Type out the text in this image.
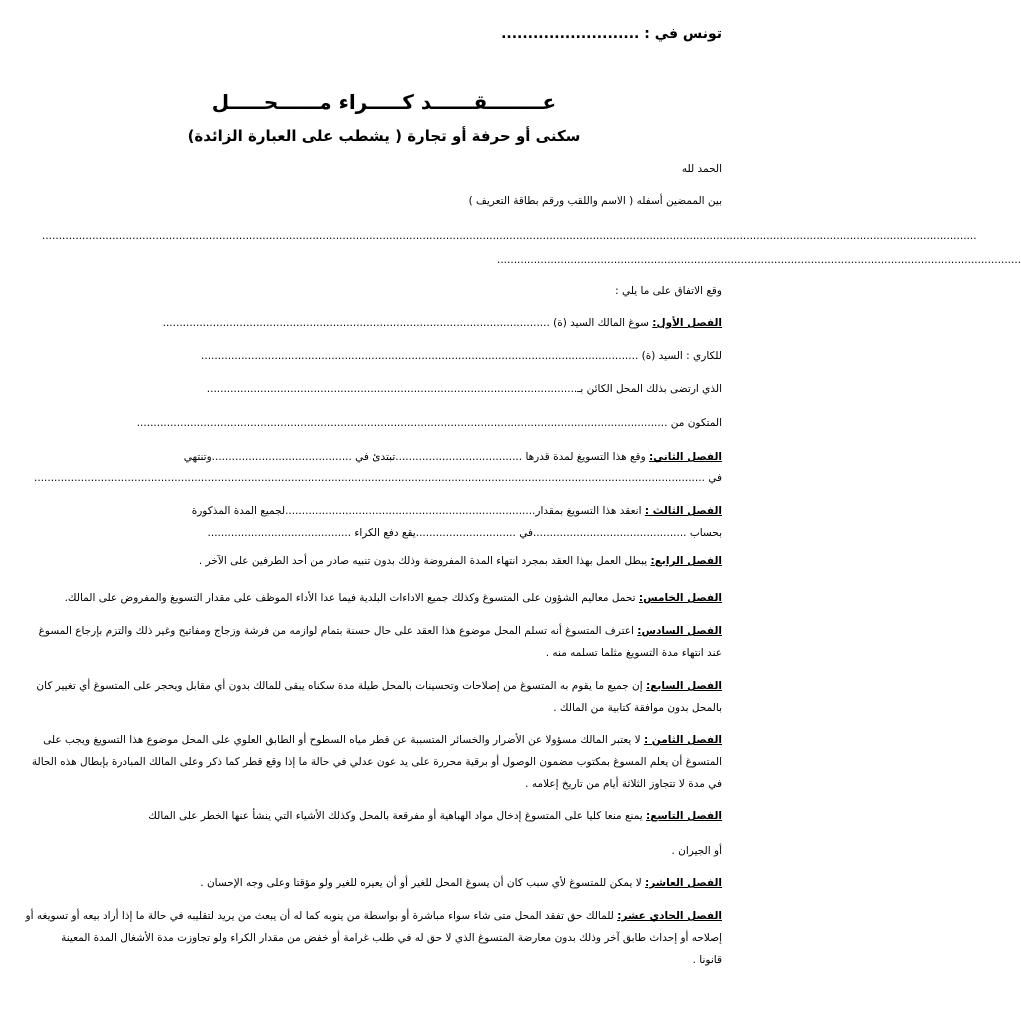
تونس في : ..........................
عــــــــقــــــد كـــــراء مــــــحـــــل
سكنى أو حرفة أو تجارة ( يشطب على العبارة الزائدة)
الحمد لله
بين الممضين أسفله ( الاسم واللقب ورقم بطاقة التعريف )
........................................................................................................................................................................................................................................................................................
.............................................................................................................................................................
وقع الاتفاق على ما يلي :
الفصل الأول: سوغ المالك السيد (ة) ....................................................................................................................
للكاري : السيد (ة) ...................................................................................................................................
الذي ارتضى بذلك المحل الكائن بـ...............................................................................................................
المتكون من ...............................................................................................................................................................
الفصل الثاني: وقع هذا التسويغ لمدة قدرها ......................................تبتدئ في ..........................................وتنتهي
في .........................................................................................................................................................................................................
الفصل الثالث : انعقد هذا التسويغ بمقدار...........................................................................لجميع المدة المذكورة
بحساب ..............................................في ..............................يقع دفع الكراء ...........................................
الفصل الرابع: يبطل العمل بهذا العقد بمجرد انتهاء المدة المفروضة وذلك بدون تنبيه صادر من أحد الطرفين على الآخر .
الفصل الخامس: تحمل معاليم الشؤون على المتسوغ وكذلك جميع الاداءات البلدية فيما عدا الأداء الموظف على مقدار التسويغ والمفروض على المالك.
الفصل السادس: اعترف المتسوغ أنه تسلم المحل موضوع هذا العقد على حال حسنة بتمام لوازمه من فرشة وزجاج ومفاتيح وغير ذلك والتزم بإرجاع المسوغ
عند انتهاء مدة التسويغ مثلما تسلمه منه .
الفصل السابع: إن جميع ما يقوم به المتسوغ من إصلاحات وتحسينات بالمحل طيلة مدة سكناه يبقى للمالك بدون أي مقابل ويحجر على المتسوغ أي تغيير كان
بالمحل بدون موافقة كتابية من المالك .
الفصل الثامن : لا يعتبر المالك مسؤولا عن الأضرار والخسائر المتسببة عن قطر مياه السطوح أو الطابق العلوي على المحل موضوع هذا التسويغ ويجب على
المتسوغ أن يعلم المسوغ بمكتوب مضمون الوصول أو برقية محررة على يد عون عدلي في حالة ما إذا وقع قطر كما ذكر وعلى المالك المبادرة بإبطال هذه الحالة
في مدة لا تتجاوز الثلاثة أيام من تاريخ إعلامه .
الفصل التاسع: يمنع منعا كليا على المتسوغ إدخال مواد الهباهية أو مفرقعة بالمحل وكذلك الأشياء التي ينشأ عنها الخطر على المالك
أو الجيران .
الفصل العاشر: لا يمكن للمتسوغ لأي سبب كان أن يسوغ المحل للغير أو أن يعيره للغير ولو مؤقتا وعلى وجه الإحسان .
الفصل الحادي عشر: للمالك حق تفقد المحل متى شاء سواء مباشرة أو بواسطة من ينوبه كما له أن يبعث من يريد لتقليبه في حالة ما إذا أراد بيعه أو تسويغه أو
إصلاحه أو إحداث طابق آخر وذلك بدون معارضة المتسوغ الذي لا حق له في طلب غرامة أو خفض من مقدار الكراء ولو تجاوزت مدة الأشغال المدة المعينة
قانونا .
